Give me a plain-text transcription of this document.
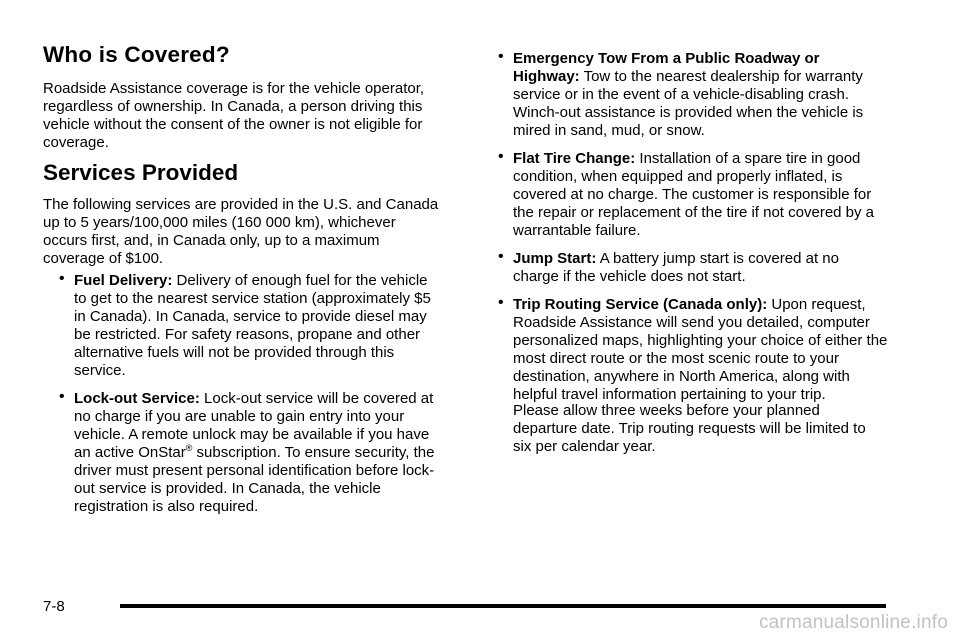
Who is Covered?

Roadside Assistance coverage is for the vehicle operator, regardless of ownership. In Canada, a person driving this vehicle without the consent of the owner is not eligible for coverage.

Services Provided

The following services are provided in the U.S. and Canada up to 5 years/100,000 miles (160 000 km), whichever occurs first, and, in Canada only, up to a maximum coverage of $100.

• Fuel Delivery: Delivery of enough fuel for the vehicle to get to the nearest service station (approximately $5 in Canada). In Canada, service to provide diesel may be restricted. For safety reasons, propane and other alternative fuels will not be provided through this service.
• Lock-out Service: Lock-out service will be covered at no charge if you are unable to gain entry into your vehicle. A remote unlock may be available if you have an active OnStar® subscription. To ensure security, the driver must present personal identification before lock-out service is provided. In Canada, the vehicle registration is also required.
• Emergency Tow From a Public Roadway or Highway: Tow to the nearest dealership for warranty service or in the event of a vehicle-disabling crash. Winch-out assistance is provided when the vehicle is mired in sand, mud, or snow.
• Flat Tire Change: Installation of a spare tire in good condition, when equipped and properly inflated, is covered at no charge. The customer is responsible for the repair or replacement of the tire if not covered by a warrantable failure.
• Jump Start: A battery jump start is covered at no charge if the vehicle does not start.
• Trip Routing Service (Canada only): Upon request, Roadside Assistance will send you detailed, computer personalized maps, highlighting your choice of either the most direct route or the most scenic route to your destination, anywhere in North America, along with helpful travel information pertaining to your trip.

Please allow three weeks before your planned departure date. Trip routing requests will be limited to six per calendar year.

7-8
carmanualsonline.info
